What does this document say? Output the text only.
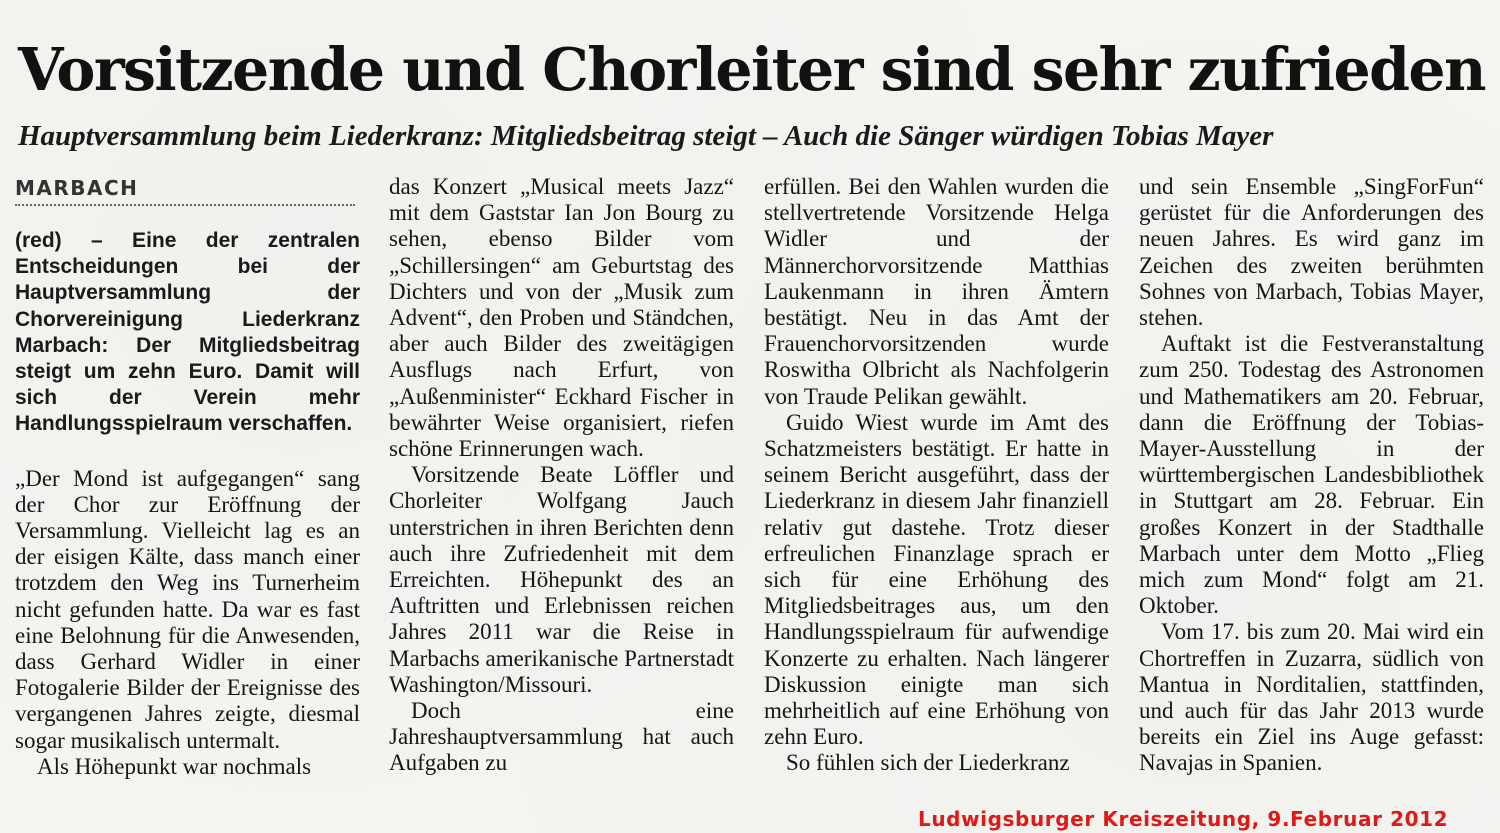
Vorsitzende und Chorleiter sind sehr zufrieden
Hauptversammlung beim Liederkranz: Mitgliedsbeitrag steigt – Auch die Sänger würdigen Tobias Mayer
MARBACH

(red) – Eine der zentralen Entscheidungen bei der Hauptversammlung der Chorvereinigung Liederkranz Marbach: Der Mitgliedsbeitrag steigt um zehn Euro. Damit will sich der Verein mehr Handlungsspielraum verschaffen.

„Der Mond ist aufgegangen“ sang der Chor zur Eröffnung der Versammlung. Vielleicht lag es an der eisigen Kälte, dass manch einer trotzdem den Weg ins Turnerheim nicht gefunden hatte. Da war es fast eine Belohnung für die Anwesenden, dass Gerhard Widler in einer Fotogalerie Bilder der Ereignisse des vergangenen Jahres zeigte, diesmal sogar musikalisch untermalt.

Als Höhepunkt war nochmals

das Konzert „Musical meets Jazz“ mit dem Gaststar Ian Jon Bourg zu sehen, ebenso Bilder vom „Schillersingen“ am Geburtstag des Dichters und von der „Musik zum Advent“, den Proben und Ständchen, aber auch Bilder des zweitägigen Ausflugs nach Erfurt, von „Außenminister“ Eckhard Fischer in bewährter Weise organisiert, riefen schöne Erinnerungen wach.

Vorsitzende Beate Löffler und Chorleiter Wolfgang Jauch unterstrichen in ihren Berichten denn auch ihre Zufriedenheit mit dem Erreichten. Höhepunkt des an Auftritten und Erlebnissen reichen Jahres 2011 war die Reise in Marbachs amerikanische Partnerstadt Washington/Missouri.

Doch eine Jahreshauptversammlung hat auch Aufgaben zu

erfüllen. Bei den Wahlen wurden die stellvertretende Vorsitzende Helga Widler und der Männerchorvorsitzende Matthias Laukenmann in ihren Ämtern bestätigt. Neu in das Amt der Frauenchorvorsitzenden wurde Roswitha Olbricht als Nachfolgerin von Traude Pelikan gewählt.

Guido Wiest wurde im Amt des Schatzmeisters bestätigt. Er hatte in seinem Bericht ausgeführt, dass der Liederkranz in diesem Jahr finanziell relativ gut dastehe. Trotz dieser erfreulichen Finanzlage sprach er sich für eine Erhöhung des Mitgliedsbeitrages aus, um den Handlungsspielraum für aufwendige Konzerte zu erhalten. Nach längerer Diskussion einigte man sich mehrheitlich auf eine Erhöhung von zehn Euro.

So fühlen sich der Liederkranz

und sein Ensemble „SingForFun“ gerüstet für die Anforderungen des neuen Jahres. Es wird ganz im Zeichen des zweiten berühmten Sohnes von Marbach, Tobias Mayer, stehen.

Auftakt ist die Festveranstaltung zum 250. Todestag des Astronomen und Mathematikers am 20. Februar, dann die Eröffnung der Tobias-Mayer-Ausstellung in der württembergischen Landesbibliothek in Stuttgart am 28. Februar. Ein großes Konzert in der Stadthalle Marbach unter dem Motto „Flieg mich zum Mond“ folgt am 21. Oktober.

Vom 17. bis zum 20. Mai wird ein Chortreffen in Zuzarra, südlich von Mantua in Norditalien, stattfinden, und auch für das Jahr 2013 wurde bereits ein Ziel ins Auge gefasst: Navajas in Spanien.

Ludwigsburger Kreiszeitung, 9.Februar 2012
